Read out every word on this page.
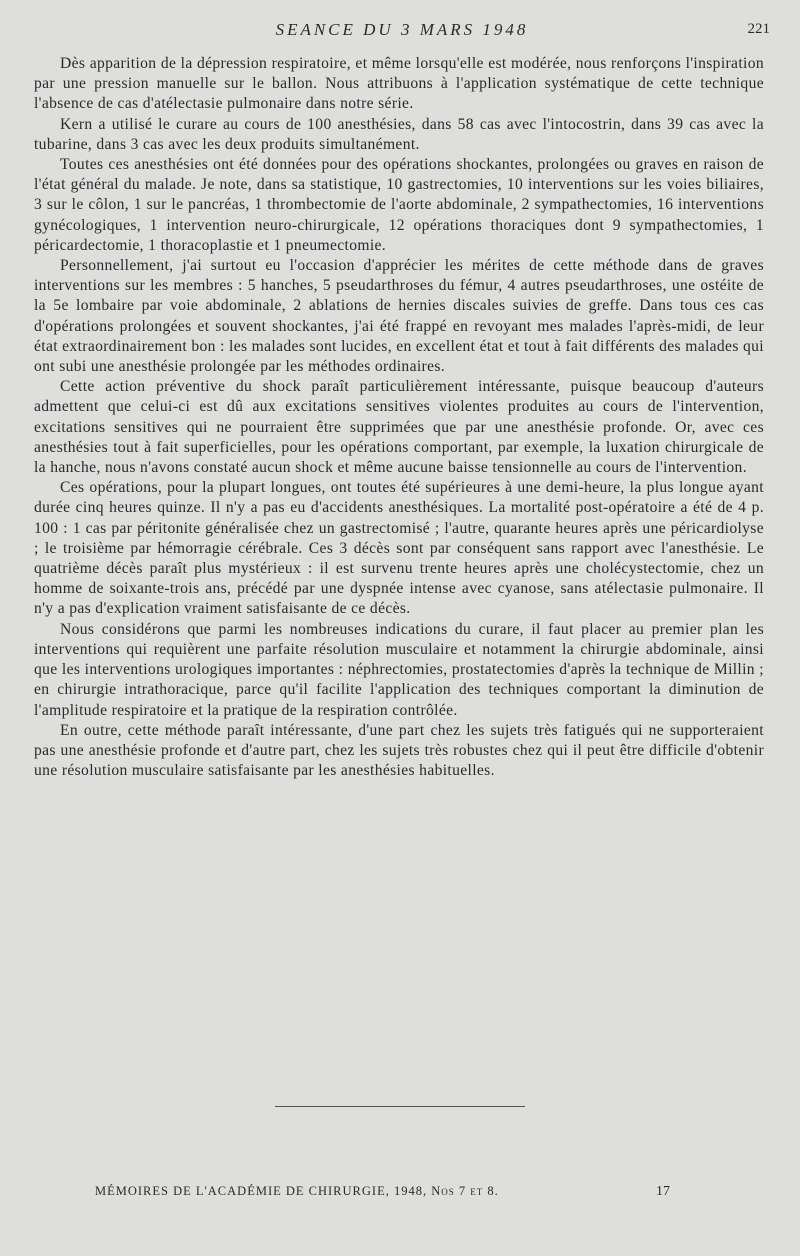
SEANCE DU 3 MARS 1948	221

Dès apparition de la dépression respiratoire, et même lorsqu'elle est modérée, nous renforçons l'inspiration par une pression manuelle sur le ballon. Nous attribuons à l'application systématique de cette technique l'absence de cas d'atélectasie pulmonaire dans notre série.

Kern a utilisé le curare au cours de 100 anesthésies, dans 58 cas avec l'intocostrin, dans 39 cas avec la tubarine, dans 3 cas avec les deux produits simultanément.

Toutes ces anesthésies ont été données pour des opérations shockantes, prolongées ou graves en raison de l'état général du malade. Je note, dans sa statistique, 10 gastrectomies, 10 interventions sur les voies biliaires, 3 sur le côlon, 1 sur le pancréas, 1 thrombectomie de l'aorte abdominale, 2 sympathectomies, 16 interventions gynécologiques, 1 intervention neuro-chirurgicale, 12 opérations thoraciques dont 9 sympathectomies, 1 péricardectomie, 1 thoracoplastie et 1 pneumectomie.

Personnellement, j'ai surtout eu l'occasion d'apprécier les mérites de cette méthode dans de graves interventions sur les membres : 5 hanches, 5 pseudarthroses du fémur, 4 autres pseudarthroses, une ostéite de la 5e lombaire par voie abdominale, 2 ablations de hernies discales suivies de greffe. Dans tous ces cas d'opérations prolongées et souvent shockantes, j'ai été frappé en revoyant mes malades l'après-midi, de leur état extraordinairement bon : les malades sont lucides, en excellent état et tout à fait différents des malades qui ont subi une anesthésie prolongée par les méthodes ordinaires.

Cette action préventive du shock paraît particulièrement intéressante, puisque beaucoup d'auteurs admettent que celui-ci est dû aux excitations sensitives violentes produites au cours de l'intervention, excitations sensitives qui ne pourraient être supprimées que par une anesthésie profonde. Or, avec ces anesthésies tout à fait superficielles, pour les opérations comportant, par exemple, la luxation chirurgicale de la hanche, nous n'avons constaté aucun shock et même aucune baisse tensionnelle au cours de l'intervention.

Ces opérations, pour la plupart longues, ont toutes été supérieures à une demi-heure, la plus longue ayant durée cinq heures quinze. Il n'y a pas eu d'accidents anesthésiques. La mortalité post-opératoire a été de 4 p. 100 : 1 cas par péritonite généralisée chez un gastrectomisé ; l'autre, quarante heures après une péricardiolyse ; le troisième par hémorragie cérébrale. Ces 3 décès sont par conséquent sans rapport avec l'anesthésie. Le quatrième décès paraît plus mystérieux : il est survenu trente heures après une cholécystectomie, chez un homme de soixante-trois ans, précédé par une dyspnée intense avec cyanose, sans atélectasie pulmonaire. Il n'y a pas d'explication vraiment satisfaisante de ce décès.

Nous considérons que parmi les nombreuses indications du curare, il faut placer au premier plan les interventions qui requièrent une parfaite résolution musculaire et notamment la chirurgie abdominale, ainsi que les interventions urologiques importantes : néphrectomies, prostatectomies d'après la technique de Millin ; en chirurgie intrathoracique, parce qu'il facilite l'application des techniques comportant la diminution de l'amplitude respiratoire et la pratique de la respiration contrôlée.

En outre, cette méthode paraît intéressante, d'une part chez les sujets très fatigués qui ne supporteraient pas une anesthésie profonde et d'autre part, chez les sujets très robustes chez qui il peut être difficile d'obtenir une résolution musculaire satisfaisante par les anesthésies habituelles.

MÉMOIRES DE L'ACADÉMIE DE CHIRURGIE, 1948, Nos 7 et 8.	17
